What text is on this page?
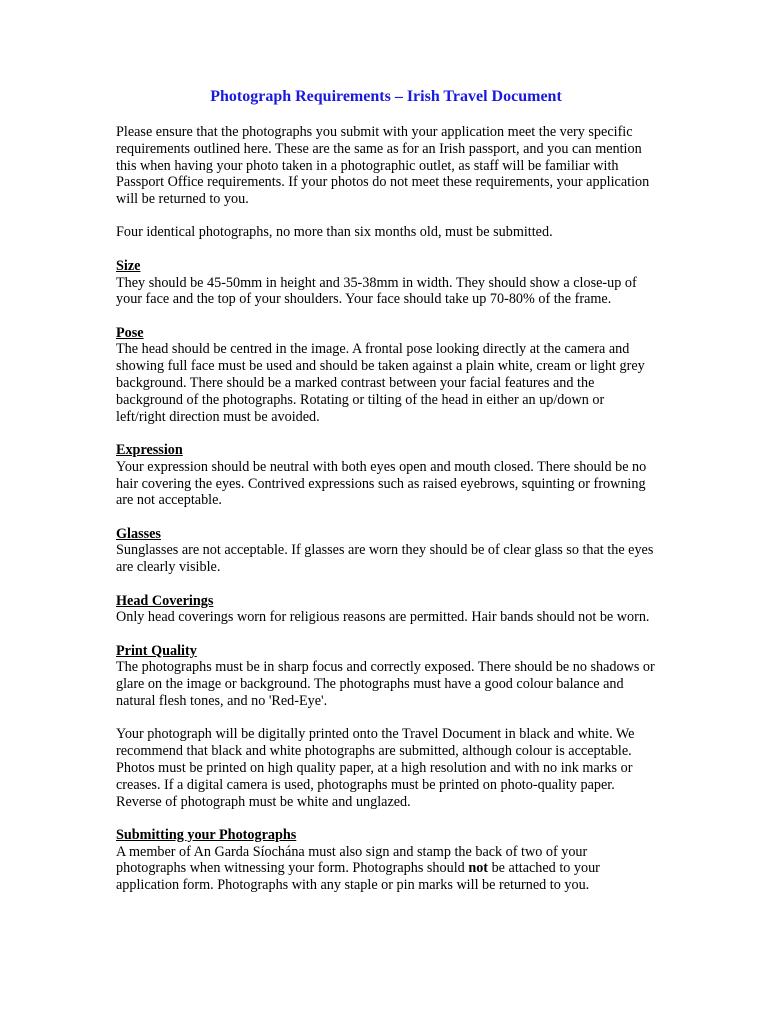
Photograph Requirements – Irish Travel Document

Please ensure that the photographs you submit with your application meet the very specific requirements outlined here. These are the same as for an Irish passport, and you can mention this when having your photo taken in a photographic outlet, as staff will be familiar with Passport Office requirements. If your photos do not meet these requirements, your application will be returned to you.

Four identical photographs, no more than six months old, must be submitted.

Size
They should be 45-50mm in height and 35-38mm in width. They should show a close-up of your face and the top of your shoulders. Your face should take up 70-80% of the frame.
Pose
The head should be centred in the image. A frontal pose looking directly at the camera and showing full face must be used and should be taken against a plain white, cream or light grey background. There should be a marked contrast between your facial features and the background of the photographs. Rotating or tilting of the head in either an up/down or left/right direction must be avoided.
Expression
Your expression should be neutral with both eyes open and mouth closed. There should be no hair covering the eyes. Contrived expressions such as raised eyebrows, squinting or frowning are not acceptable.
Glasses
Sunglasses are not acceptable. If glasses are worn they should be of clear glass so that the eyes are clearly visible.
Head Coverings
Only head coverings worn for religious reasons are permitted. Hair bands should not be worn.
Print Quality
The photographs must be in sharp focus and correctly exposed. There should be no shadows or glare on the image or background. The photographs must have a good colour balance and natural flesh tones, and no 'Red-Eye'.

Your photograph will be digitally printed onto the Travel Document in black and white. We recommend that black and white photographs are submitted, although colour is acceptable. Photos must be printed on high quality paper, at a high resolution and with no ink marks or creases. If a digital camera is used, photographs must be printed on photo-quality paper. Reverse of photograph must be white and unglazed.

Submitting your Photographs
A member of An Garda Síochána must also sign and stamp the back of two of your photographs when witnessing your form. Photographs should not be attached to your application form. Photographs with any staple or pin marks will be returned to you.
